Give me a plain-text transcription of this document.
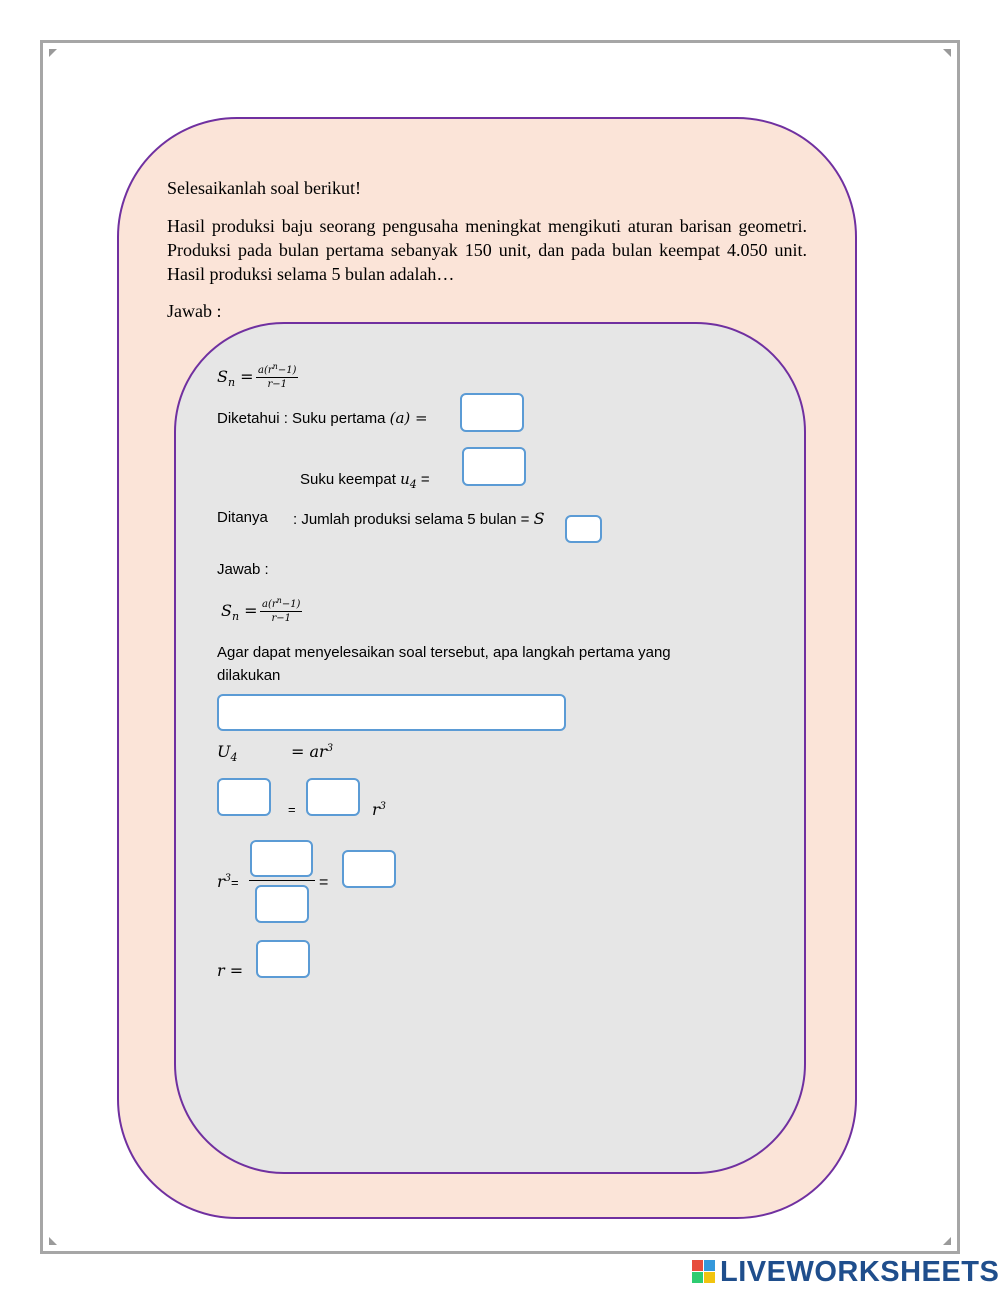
Selesaikanlah soal berikut!
Hasil produksi baju seorang pengusaha meningkat mengikuti aturan barisan geometri. Produksi pada bulan pertama sebanyak 150 unit, dan pada bulan keempat 4.050 unit. Hasil produksi selama 5 bulan adalah…
Jawab :
$S_n = \frac{a(r^n-1)}{r-1}$
Diketahui : Suku pertama (a) =
Suku keempat $u_4$ =
Ditanya : Jumlah produksi selama 5 bulan = S
Jawab :
$S_n = \frac{a(r^n-1)}{r-1}$
Agar dapat menyelesaikan soal tersebut, apa langkah pertama yang
dilakukan
$U_4$	= $ar^3$
=	$r^3$
$r^3=$	=
r =
LIVEWORKSHEETS
